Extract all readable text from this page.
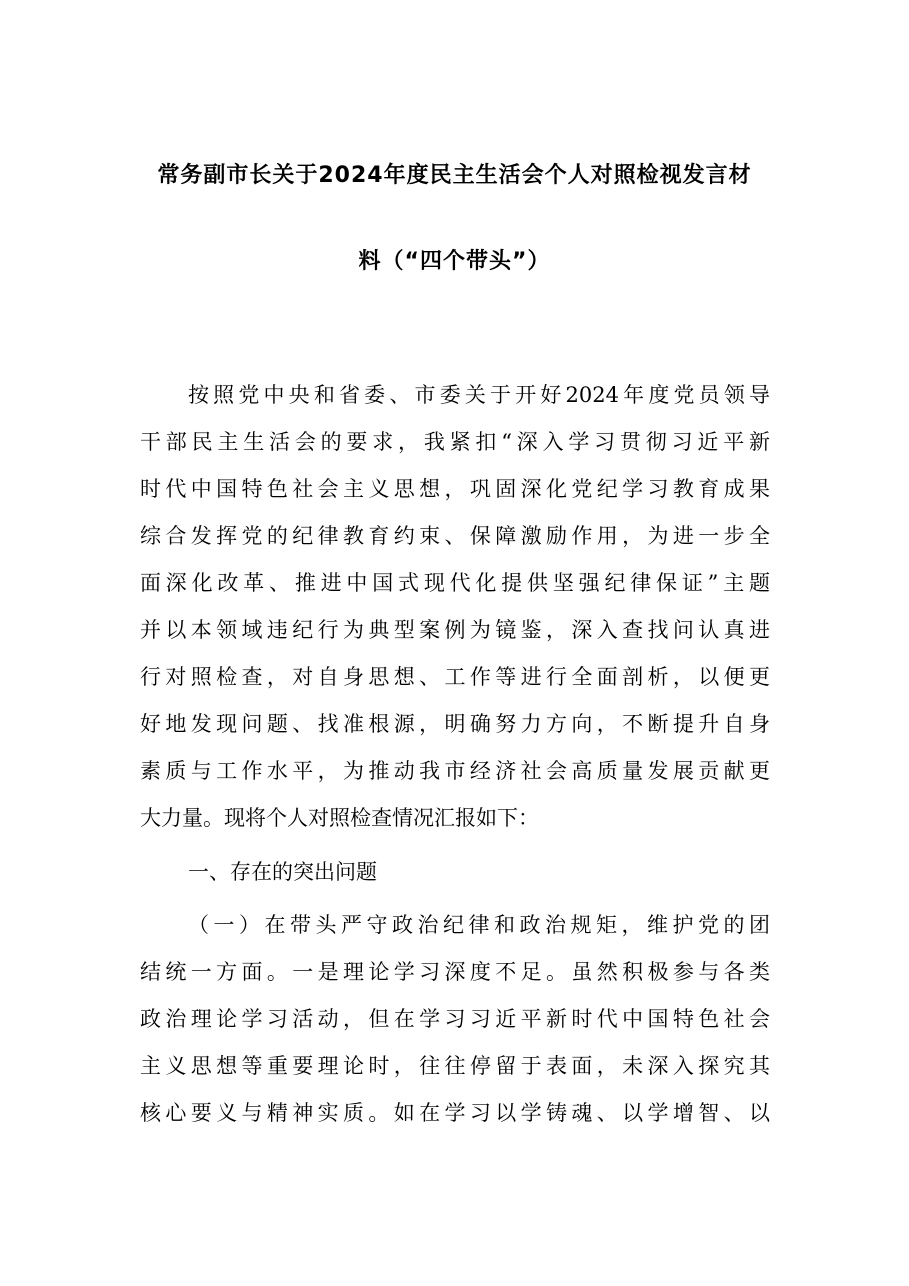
常务副市长关于2024年度民主生活会个人对照检视发言材
料（“四个带头”）
按照党中央和省委、市委关于开好2024年度党员领导
干部民主生活会的要求，我紧扣“深入学习贯彻习近平新
时代中国特色社会主义思想，巩固深化党纪学习教育成果
综合发挥党的纪律教育约束、保障激励作用，为进一步全
面深化改革、推进中国式现代化提供坚强纪律保证”主题
并以本领域违纪行为典型案例为镜鉴，深入查找问认真进
行对照检查，对自身思想、工作等进行全面剖析，以便更
好地发现问题、找准根源，明确努力方向，不断提升自身
素质与工作水平，为推动我市经济社会高质量发展贡献更
大力量。现将个人对照检查情况汇报如下：
一、存在的突出问题
（一）在带头严守政治纪律和政治规矩，维护党的团
结统一方面。一是理论学习深度不足。虽然积极参与各类
政治理论学习活动，但在学习习近平新时代中国特色社会
主义思想等重要理论时，往往停留于表面，未深入探究其
核心要义与精神实质。如在学习以学铸魂、以学增智、以
